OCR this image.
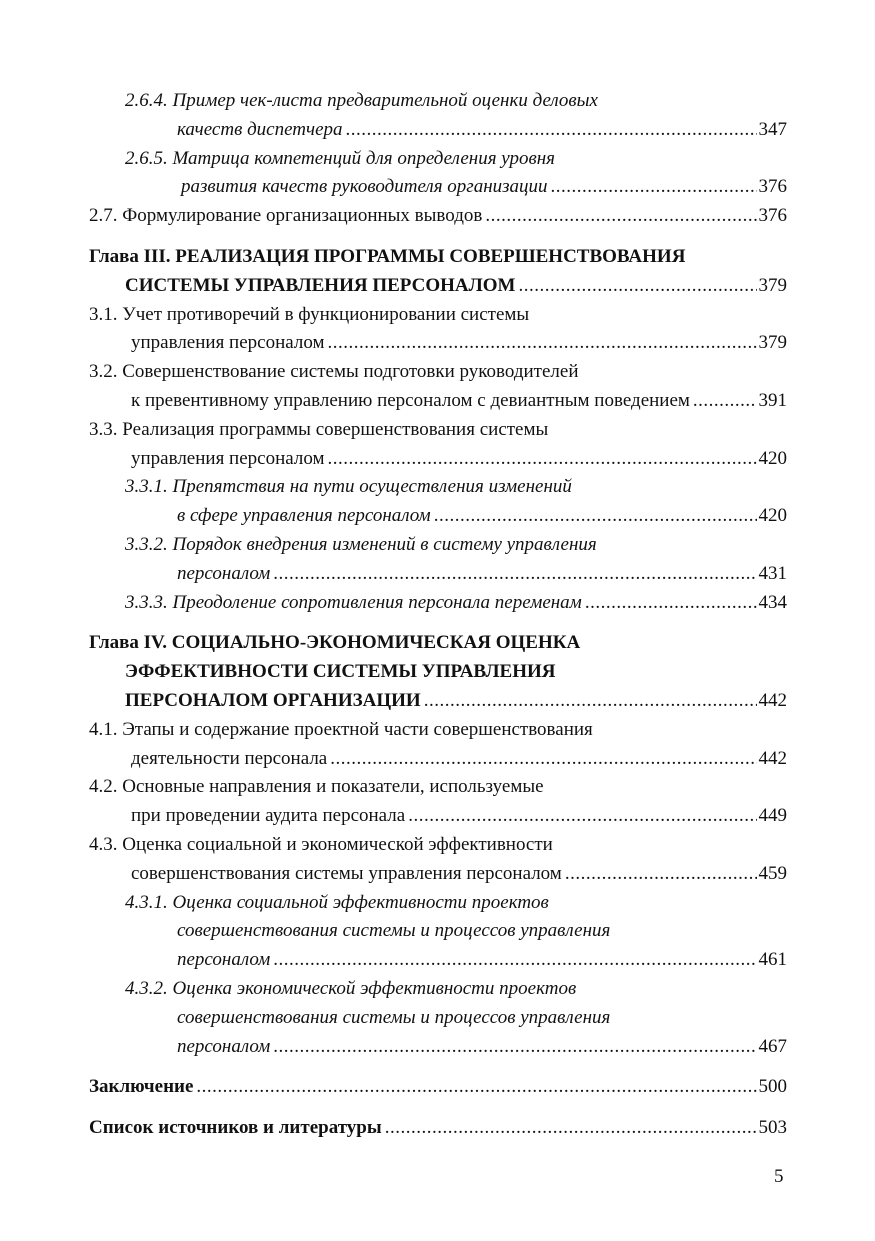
2.6.4. Пример чек-листа предварительной оценки деловых
качеств диспетчера .....	347
2.6.5. Матрица компетенций для определения уровня
развития качеств руководителя организации .....	376
2.7. Формулирование организационных выводов .....	376
Глава III. РЕАЛИЗАЦИЯ ПРОГРАММЫ СОВЕРШЕНСТВОВАНИЯ
СИСТЕМЫ УПРАВЛЕНИЯ ПЕРСОНАЛОМ .....	379
3.1. Учет противоречий в функционировании системы
управления персоналом .....	379
3.2. Совершенствование системы подготовки руководителей
к превентивному управлению персоналом с девиантным поведением .....	391
3.3. Реализация программы совершенствования системы
управления персоналом .....	420
3.3.1. Препятствия на пути осуществления изменений
в сфере управления персоналом .....	420
3.3.2. Порядок внедрения изменений в систему управления
персоналом .....	431
3.3.3. Преодоление сопротивления персонала переменам .....	434
Глава IV. СОЦИАЛЬНО-ЭКОНОМИЧЕСКАЯ ОЦЕНКА
ЭФФЕКТИВНОСТИ СИСТЕМЫ УПРАВЛЕНИЯ
ПЕРСОНАЛОМ ОРГАНИЗАЦИИ .....	442
4.1. Этапы и содержание проектной части совершенствования
деятельности персонала .....	442
4.2. Основные направления и показатели, используемые
при проведении аудита персонала .....	449
4.3. Оценка социальной и экономической эффективности
совершенствования системы управления персоналом .....	459
4.3.1. Оценка социальной эффективности проектов
совершенствования системы и процессов управления
персоналом .....	461
4.3.2. Оценка экономической эффективности проектов
совершенствования системы и процессов управления
персоналом .....	467
Заключение .....	500
Список источников и литературы .....	503
5
